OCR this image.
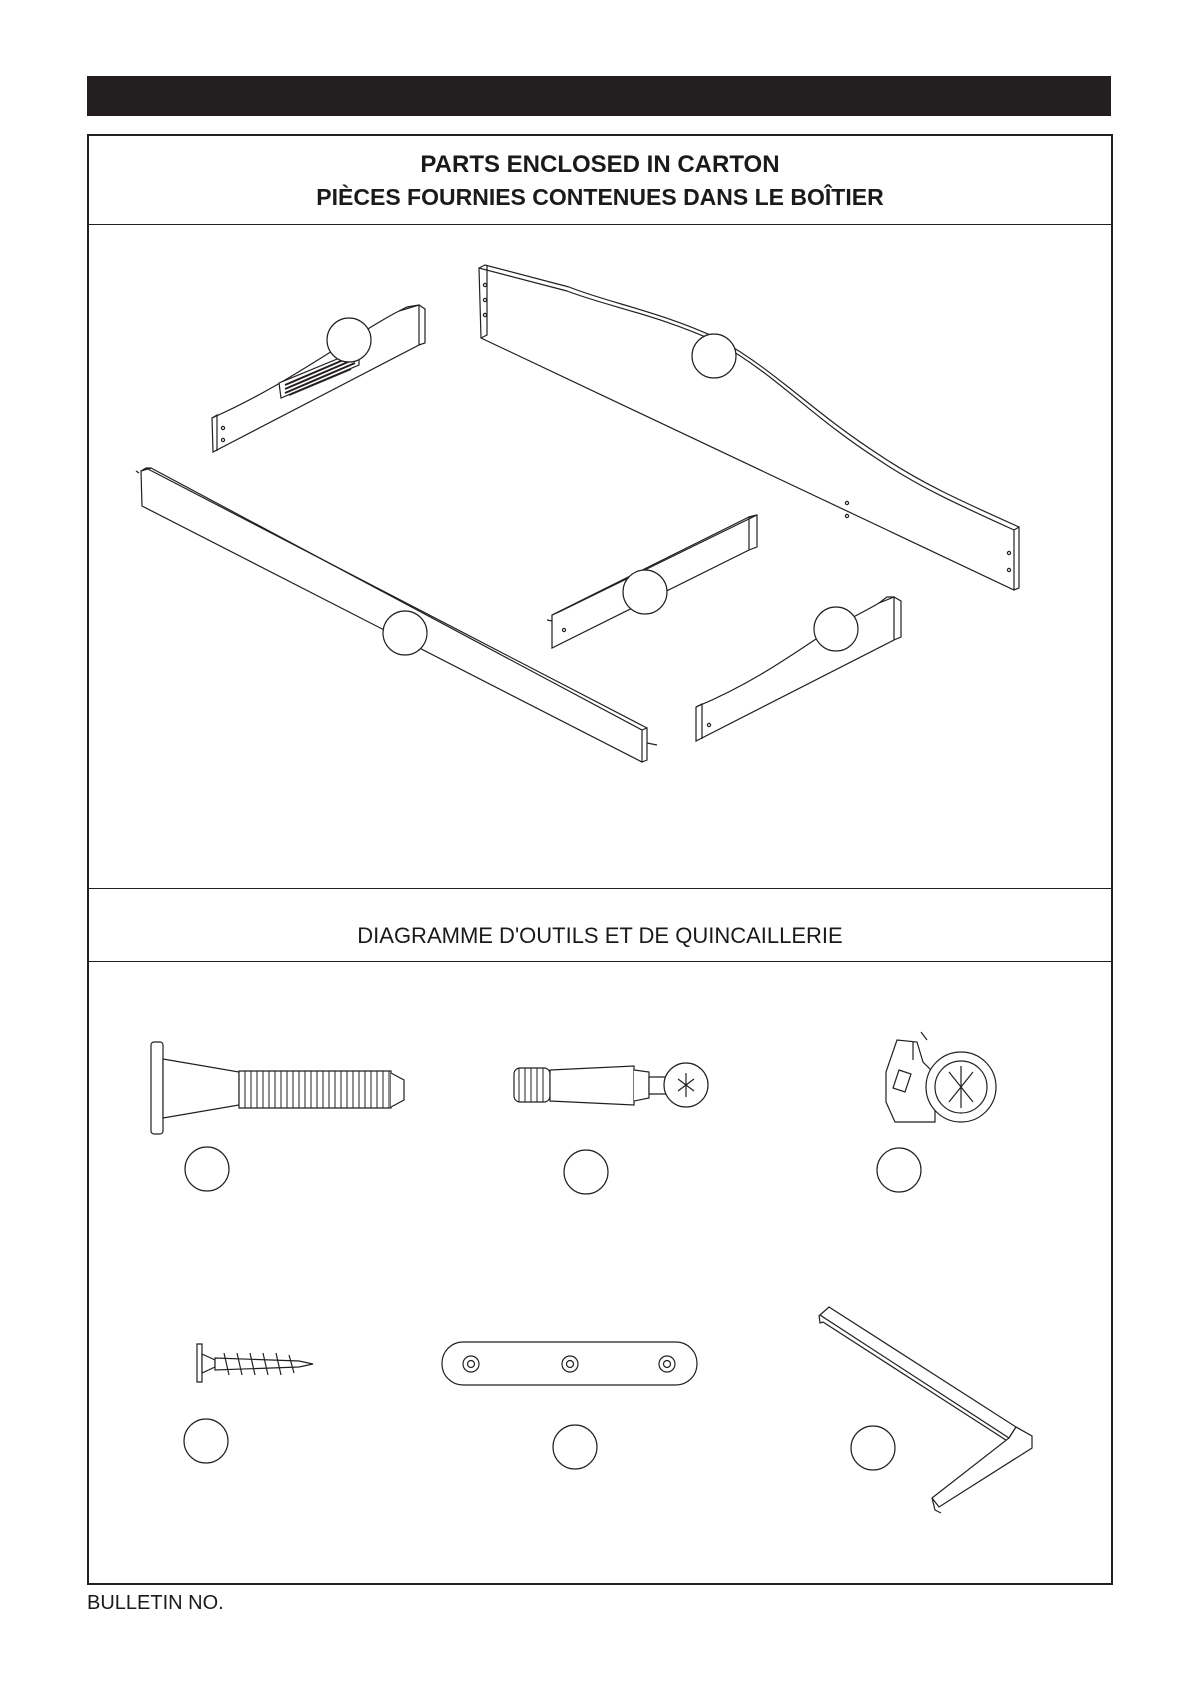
PARTS ENCLOSED IN CARTON
PIÈCES FOURNIES CONTENUES DANS LE BOÎTIER
DIAGRAMME D'OUTILS ET DE QUINCAILLERIE
BULLETIN NO.
